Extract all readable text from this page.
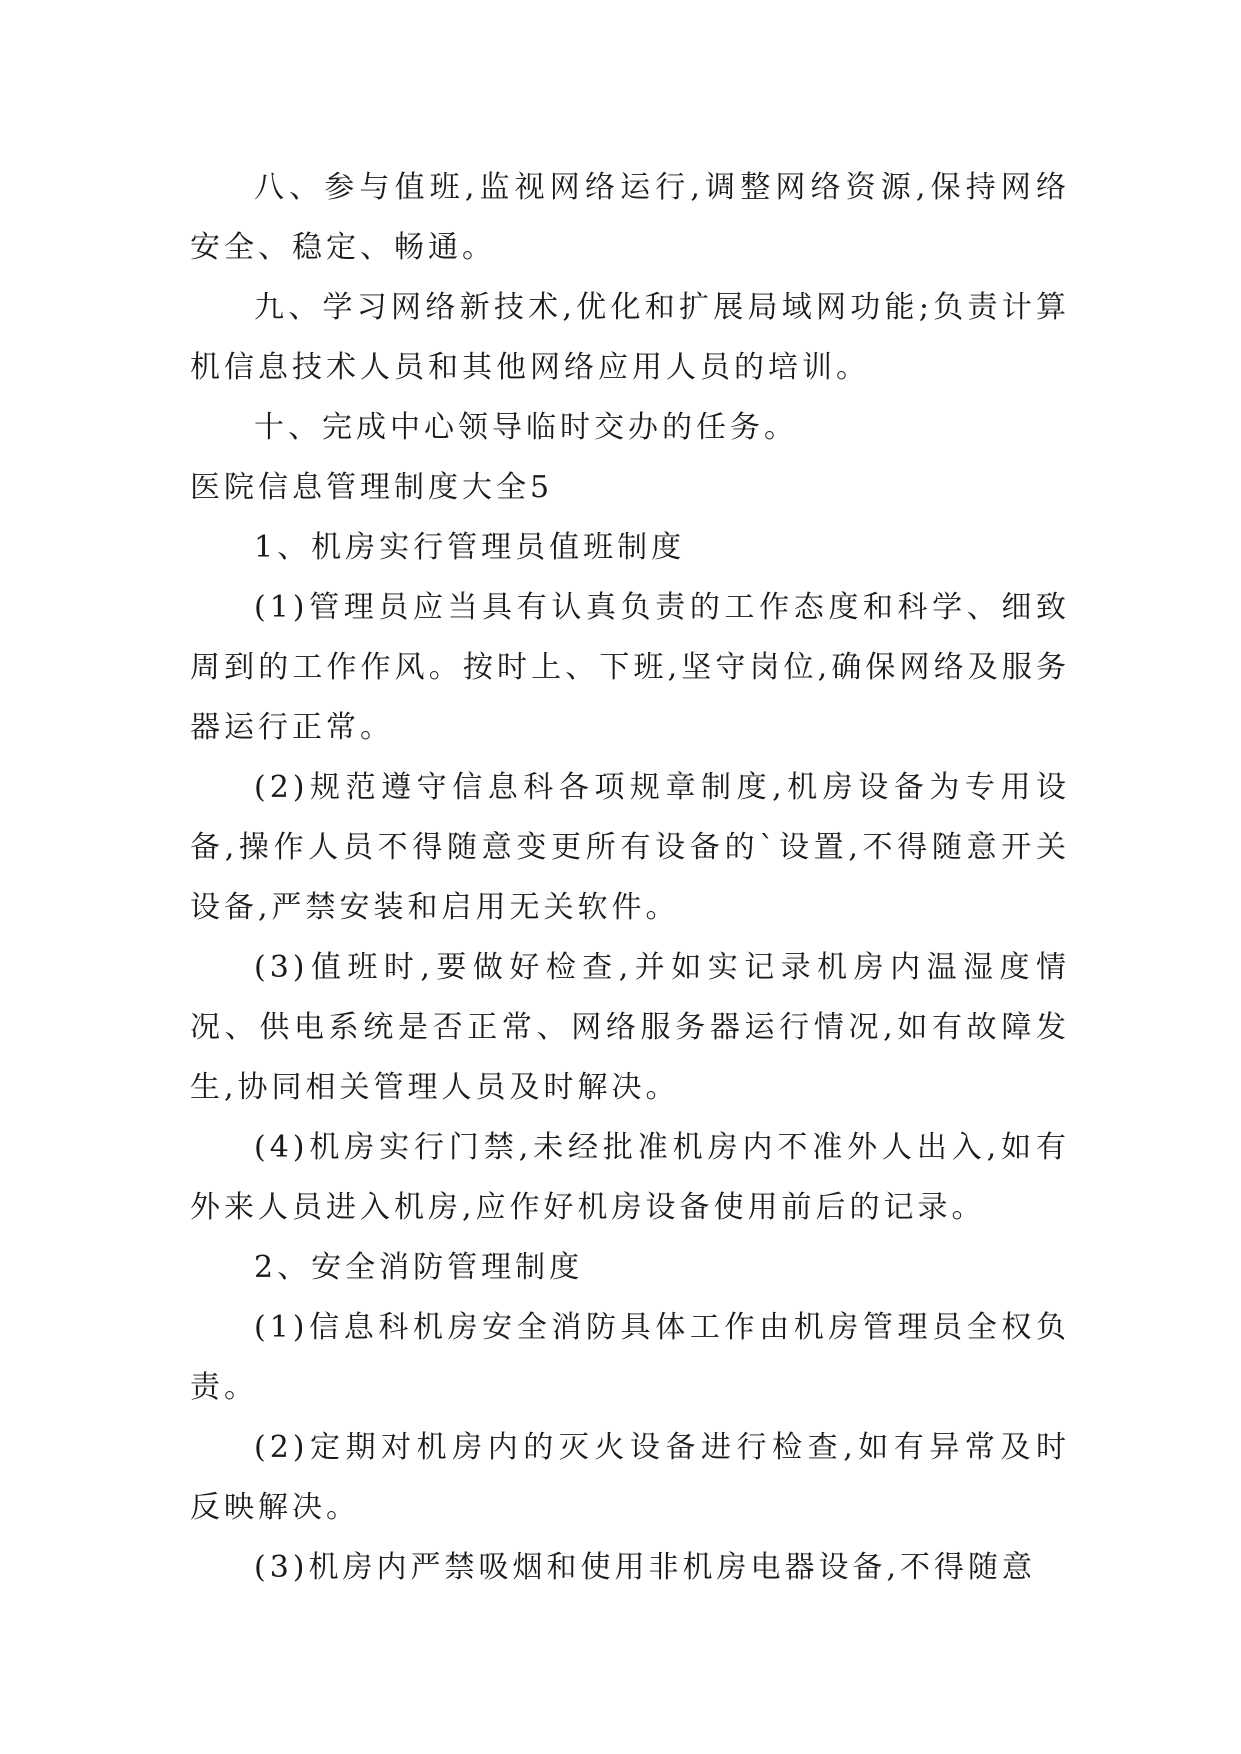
八、参与值班,监视网络运行,调整网络资源,保持网络安全、稳定、畅通。

九、学习网络新技术,优化和扩展局域网功能;负责计算机信息技术人员和其他网络应用人员的培训。

十、完成中心领导临时交办的任务。

医院信息管理制度大全5

1、机房实行管理员值班制度

(1)管理员应当具有认真负责的工作态度和科学、细致周到的工作作风。按时上、下班,坚守岗位,确保网络及服务器运行正常。

(2)规范遵守信息科各项规章制度,机房设备为专用设备,操作人员不得随意变更所有设备的`设置,不得随意开关设备,严禁安装和启用无关软件。

(3)值班时,要做好检查,并如实记录机房内温湿度情况、供电系统是否正常、网络服务器运行情况,如有故障发生,协同相关管理人员及时解决。

(4)机房实行门禁,未经批准机房内不准外人出入,如有外来人员进入机房,应作好机房设备使用前后的记录。

2、安全消防管理制度

(1)信息科机房安全消防具体工作由机房管理员全权负责。

(2)定期对机房内的灭火设备进行检查,如有异常及时反映解决。

(3)机房内严禁吸烟和使用非机房电器设备,不得随意
